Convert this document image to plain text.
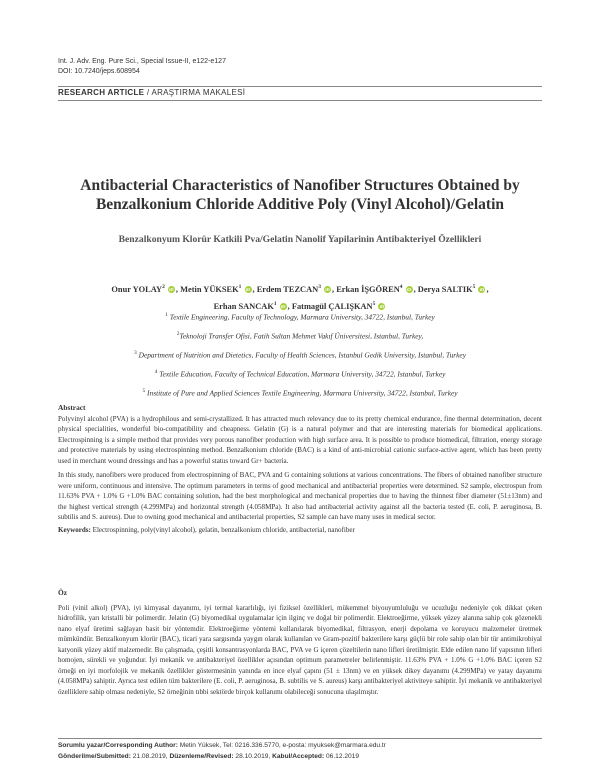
Int. J. Adv. Eng. Pure Sci., Special Issue-II, e122-e127
DOI: 10.7240/jeps.608954
RESEARCH ARTICLE / ARAŞTIRMA MAKALESİ
Antibacterial Characteristics of Nanofiber Structures Obtained by
Benzalkonium Chloride Additive Poly (Vinyl Alcohol)/Gelatin
Benzalkonyum Klorür Katkili Pva/Gelatin Nanolif Yapilarinin Antibakteriyel Özellikleri
Onur YOLAY$^2$ iD , Metin YÜKSEK$^1$ iD , Erdem TEZCAN$^3$ iD , Erkan İŞGÖREN$^4$ iD , Derya SALTIK$^5$ iD ,
Erhan SANCAK$^1$ iD , Fatmagül ÇALIŞKAN$^5$ iD
$^1$ Textile Engineering, Faculty of Technology, Marmara University, 34722, Istanbul, Turkey
$^2$Teknoloji Transfer Ofisi, Fatih Sultan Mehmet Vakıf Üniversitesi, Istanbul, Turkey,
$^3$ Department of Nutrition and Dietetics, Faculty of Health Sciences, Istanbul Gedik University, Istanbul, Turkey
$^4$ Textile Education, Faculty of Technical Education, Marmara University, 34722, Istanbul, Turkey
$^5$ Institute of Pure and Applied Sciences Textile Engineering, Marmara University, 34722, Istanbul, Turkey
Abstract
Polyvinyl alcohol (PVA) is a hydrophilous and semi-crystallized. It has attracted much relevancy due to its pretty chemical endurance, fine thermal determination, decent physical specialities, wonderful bio-compatibility and cheapness. Gelatin (G) is a natural polymer and that are interesting materials for biomedical applications. Electrospinning is a simple method that provides very porous nanofiber production with high surface area. It is possible to produce biomedical, filtration, energy storage and protective materials by using electrospinning method. Benzalkonium chloride (BAC) is a kind of anti-microbial cationic surface-active agent, which has been pretty used in merchant wound dressings and has a powerful status toward Gr+ bacteria.
In this study, nanofibers were produced from electrospinning of BAC, PVA and G containing solutions at various concentrations. The fibers of obtained nanofiber structure were uniform, continuous and intensive. The optimum parameters in terms of good mechanical and antibacterial properties were determined. S2 sample, electrospun from 11.63% PVA + 1.0% G +1.0% BAC containing solution, had the best morphological and mechanical properties due to having the thinnest fiber diameter (51±13nm) and the highest vertical strength (4.299MPa) and horizontal strength (4.058MPa). It also had antibacterial activity against all the bacteria tested (E. coli, P. aeruginosa, B. subtilis and S. aureus). Due to owning good mechanical and antibacterial properties, S2 sample can have many uses in medical sector.
Keywords: Electrospinning, poly(vinyl alcohol), gelatin, benzalkonium chloride, antibacterial, nanofiber
Öz
Poli (vinil alkol) (PVA), iyi kimyasal dayanımı, iyi termal kararlılığı, iyi fiziksel özellikleri, mükemmel biyouyumluluğu ve ucuzluğu nedeniyle çok dikkat çeken hidrofilik, yarı kristalli bir polimerdir. Jelatin (G) biyomedikal uygulamalar için ilginç ve doğal bir polimerdir. Elektroeğirme, yüksek yüzey alanına sahip çok gözenekli nano elyaf üretimi sağlayan basit bir yöntemdir. Elektroeğirme yöntemi kullanılarak biyomedikal, filtrasyon, enerji depolama ve koruyucu malzemeler üretmek mümkündür. Benzalkonyum klorür (BAC), ticari yara sargısında yaygın olarak kullanılan ve Gram-pozitif bakterilere karşı güçlü bir role sahip olan bir tür antimikrobiyal katyonik yüzey aktif malzemedir. Bu çalışmada, çeşitli konsantrasyonlarda BAC, PVA ve G içeren çözeltilerin nano lifleri üretilmiştir. Elde edilen nano lif yapısının lifleri homojen, sürekli ve yoğundur. İyi mekanik ve antibakteriyel özellikler açısından optimum parametreler belirlenmiştir. 11.63% PVA + 1.0% G +1.0% BAC içeren S2 örneği en iyi morfolojik ve mekanik özellikler göstermesinin yanında en ince elyaf çapını (51 ± 13nm) ve en yüksek dikey dayanımı (4.299MPa) ve yatay dayanımı (4.058MPa) sahiptir. Ayrıca test edilen tüm bakterilere (E. coli, P. aeruginosa, B. subtilis ve S. aureus) karşı antibakteriyel aktiviteye sahiptir. İyi mekanik ve antibakteriyel özelliklere sahip olması nedeniyle, S2 örneğinin tıbbi sektörde birçok kullanımı olabileceği sonucuna ulaşılmıştır.
Sorumlu yazar/Corresponding Author: Metin Yüksek, Tel: 0216.336.5770, e-posta: myuksek@marmara.edu.tr
Gönderilme/Submitted: 21.08.2019, Düzenleme/Revised: 28.10.2019, Kabul/Accepted: 06.12.2019
